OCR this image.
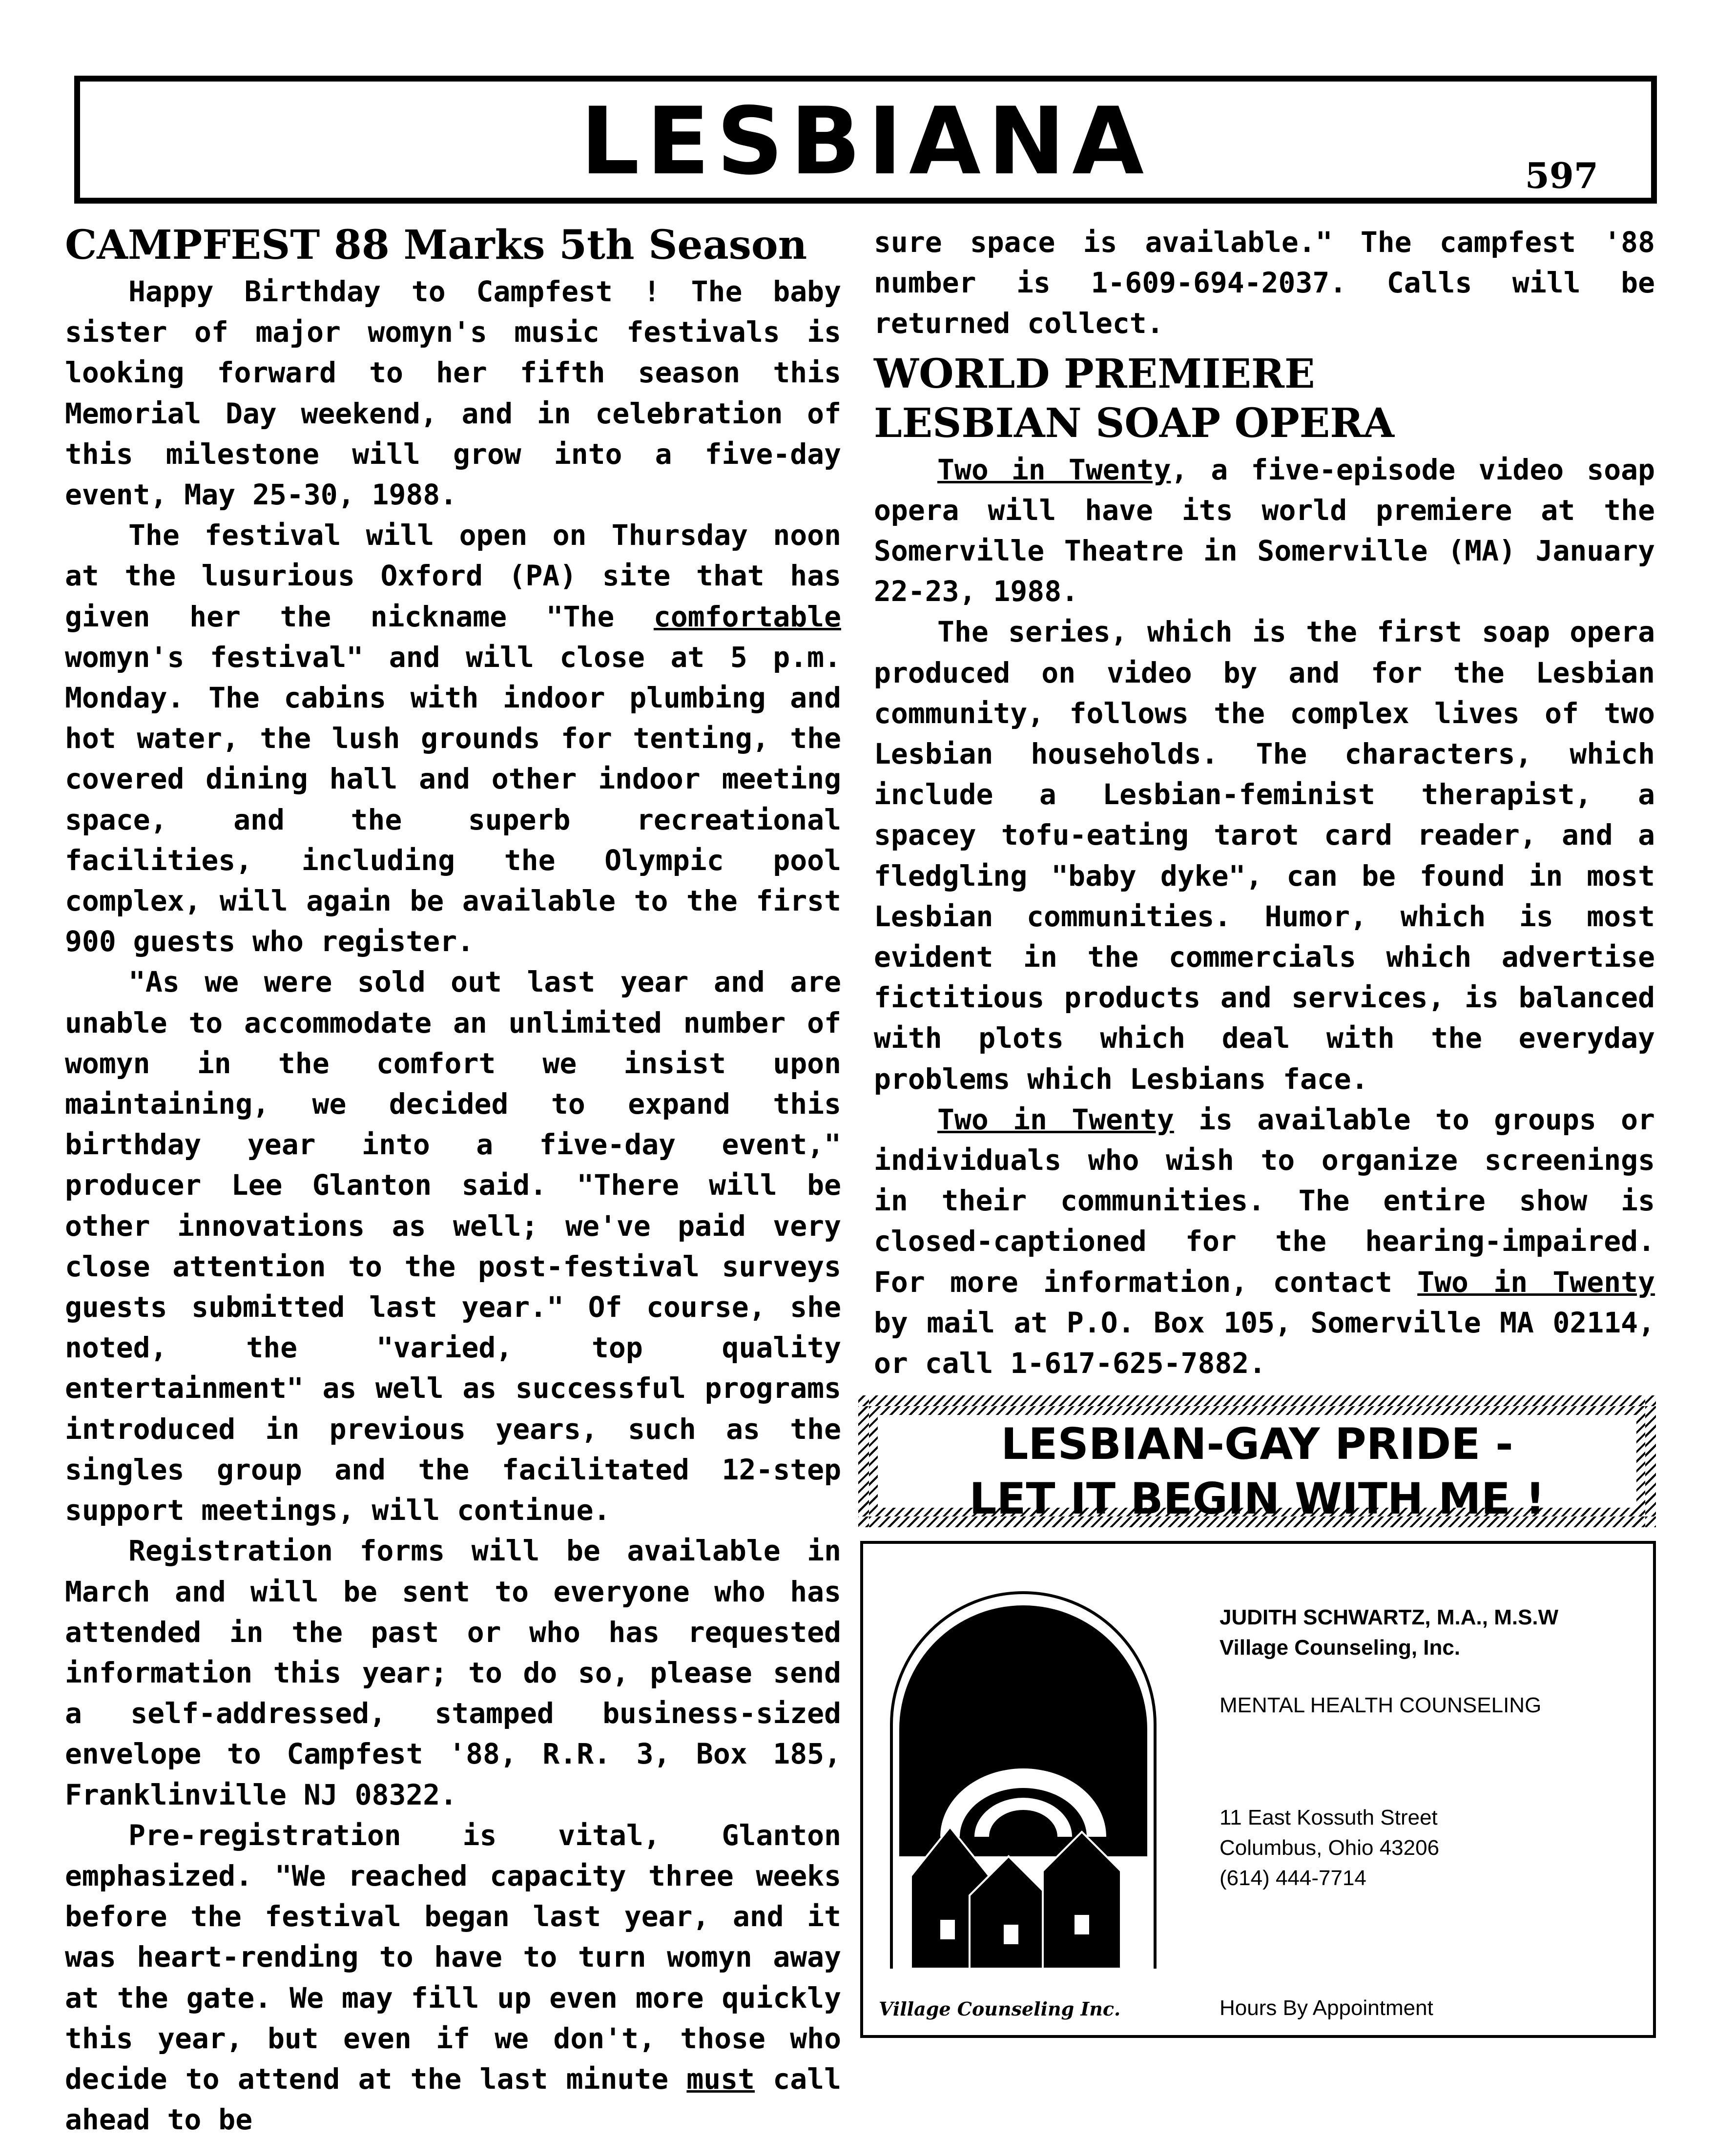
LESBIANA	597
CAMPFEST 88 Marks 5th Season

Happy Birthday to Campfest ! The baby sister of major womyn's music festivals is looking forward to her fifth season this Memorial Day weekend, and in celebration of this milestone will grow into a five-day event, May 25-30, 1988.

The festival will open on Thursday noon at the lusurious Oxford (PA) site that has given her the nickname "The comfortable womyn's festival" and will close at 5 p.m. Monday. The cabins with indoor plumbing and hot water, the lush grounds for tenting, the covered dining hall and other indoor meeting space, and the superb recreational facilities, including the Olympic pool complex, will again be available to the first 900 guests who register.

"As we were sold out last year and are unable to accommodate an unlimited number of womyn in the comfort we insist upon maintaining, we decided to expand this birthday year into a five-day event," producer Lee Glanton said. "There will be other innovations as well; we've paid very close attention to the post-festival surveys guests submitted last year." Of course, she noted, the "varied, top quality entertainment" as well as successful programs introduced in previous years, such as the singles group and the facilitated 12-step support meetings, will continue.

Registration forms will be available in March and will be sent to everyone who has attended in the past or who has requested information this year; to do so, please send a self-addressed, stamped business-sized envelope to Campfest '88, R.R. 3, Box 185, Franklinville NJ 08322.

Pre-registration is vital, Glanton emphasized. "We reached capacity three weeks before the festival began last year, and it was heart-rending to have to turn womyn away at the gate. We may fill up even more quickly this year, but even if we don't, those who decide to attend at the last minute must call ahead to be

sure space is available." The campfest '88 number is 1-609-694-2037. Calls will be returned collect.

WORLD PREMIERE
LESBIAN SOAP OPERA

Two in Twenty, a five-episode video soap opera will have its world premiere at the Somerville Theatre in Somerville (MA) January 22-23, 1988.

The series, which is the first soap opera produced on video by and for the Lesbian community, follows the complex lives of two Lesbian households. The characters, which include a Lesbian-feminist therapist, a spacey tofu-eating tarot card reader, and a fledgling "baby dyke", can be found in most Lesbian communities. Humor, which is most evident in the commercials which advertise fictitious products and services, is balanced with plots which deal with the everyday problems which Lesbians face.

Two in Twenty is available to groups or individuals who wish to organize screenings in their communities. The entire show is closed-captioned for the hearing-impaired. For more information, contact Two in Twenty by mail at P.O. Box 105, Somerville MA 02114, or call 1-617-625-7882.

LESBIAN-GAY PRIDE -
LET IT BEGIN WITH ME !
Village Counseling Inc.
JUDITH SCHWARTZ, M.A., M.S.W
Village Counseling, Inc.
MENTAL HEALTH COUNSELING
11 East Kossuth Street
Columbus, Ohio 43206
(614) 444-7714
Hours By Appointment
